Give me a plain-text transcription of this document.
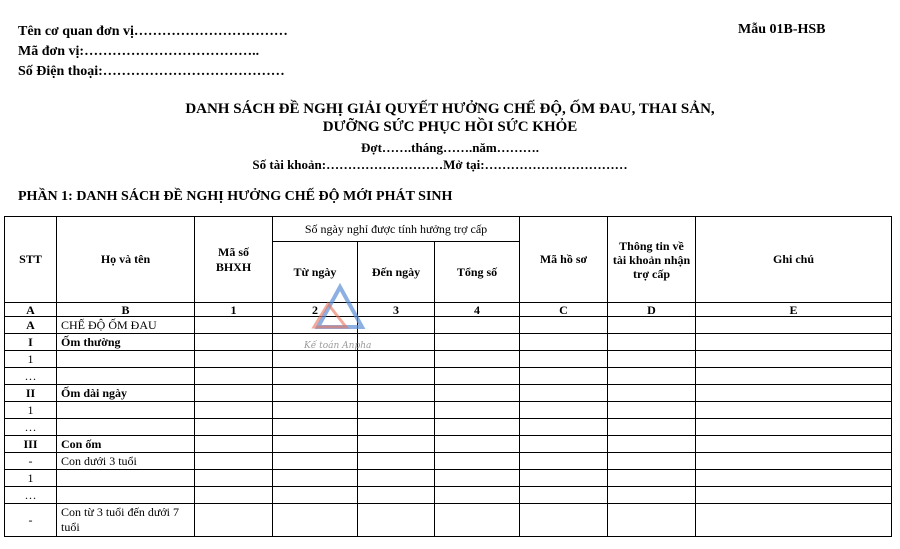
Tên cơ quan đơn vị……………………………
Mã đơn vị:………………………………..
Số Điện thoại:…………………………………
Mẫu 01B-HSB
DANH SÁCH ĐỀ NGHỊ GIẢI QUYẾT HƯỞNG CHẾ ĐỘ, ỐM ĐAU, THAI SẢN,
DƯỠNG SỨC PHỤC HỒI SỨC KHỎE
Đợt…….tháng…….năm……….
Số tài khoản:………………………Mở tại:……………………………
PHẦN 1: DANH SÁCH ĐỀ NGHỊ HƯỞNG CHẾ ĐỘ MỚI PHÁT SINH
STT	Họ và tên	Mã số BHXH	Số ngày nghỉ được tính hưởng trợ cấp			Mã hồ sơ	Thông tin về tài khoản nhận trợ cấp	Ghi chú
			Từ ngày	Đến ngày	Tổng số			
A	B	1	2	3	4	C	D	E
A	CHẾ ĐỘ ỐM ĐAU							
I	Ốm thường							
1								
…								
II	Ốm dài ngày							
1								
…								
III	Con ốm							
-	Con dưới 3 tuổi							
1								
…								
-	Con từ 3 tuổi đến dưới 7 tuổi							
Kế toán Anpha
